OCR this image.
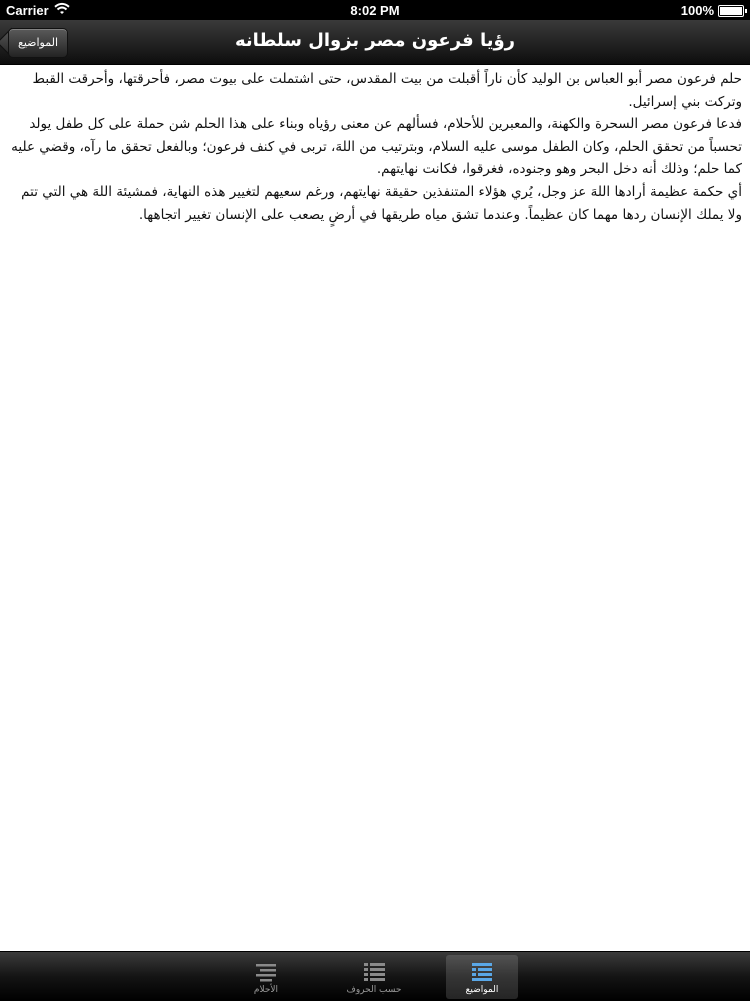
Carrier	8:02 PM	100%
رؤيا فرعون مصر بزوال سلطانه
المواضيع

حلم فرعون مصر أبو العباس بن الوليد كأن ناراً أقبلت من بيت المقدس، حتى اشتملت على بيوت مصر، فأحرقتها، وأحرقت القبط وتركت بني إسرائيل.

فدعا فرعون مصر السحرة والكهنة، والمعبرين للأحلام، فسألهم عن معنى رؤياه وبناء على هذا الحلم شن حملة على كل طفل يولد تحسباً من تحقق الحلم، وكان الطفل موسى عليه السلام، وبترتيب من اللهَ، تربى في كنف فرعون؛ وبالفعل تحقق ما رآه، وقضي عليه كما حلم؛ وذلك أنه دخل البحر وهو وجنوده، فغرقوا، فكانت نهايتهم.

أي حكمة عظيمة أرادها اللهَ عز وجل، يُري هؤلاء المتنفذين حقيقة نهايتهم، ورغم سعيهم لتغيير هذه النهاية، فمشيئة اللهَ هي التي تتم ولا يملك الإنسان ردها مهما كان عظيماً. وعندما تشق مياه طريقها في أرضٍ يصعب على الإنسان تغيير اتجاهها.

الأحلام	حسب الحروف	المواضيع
